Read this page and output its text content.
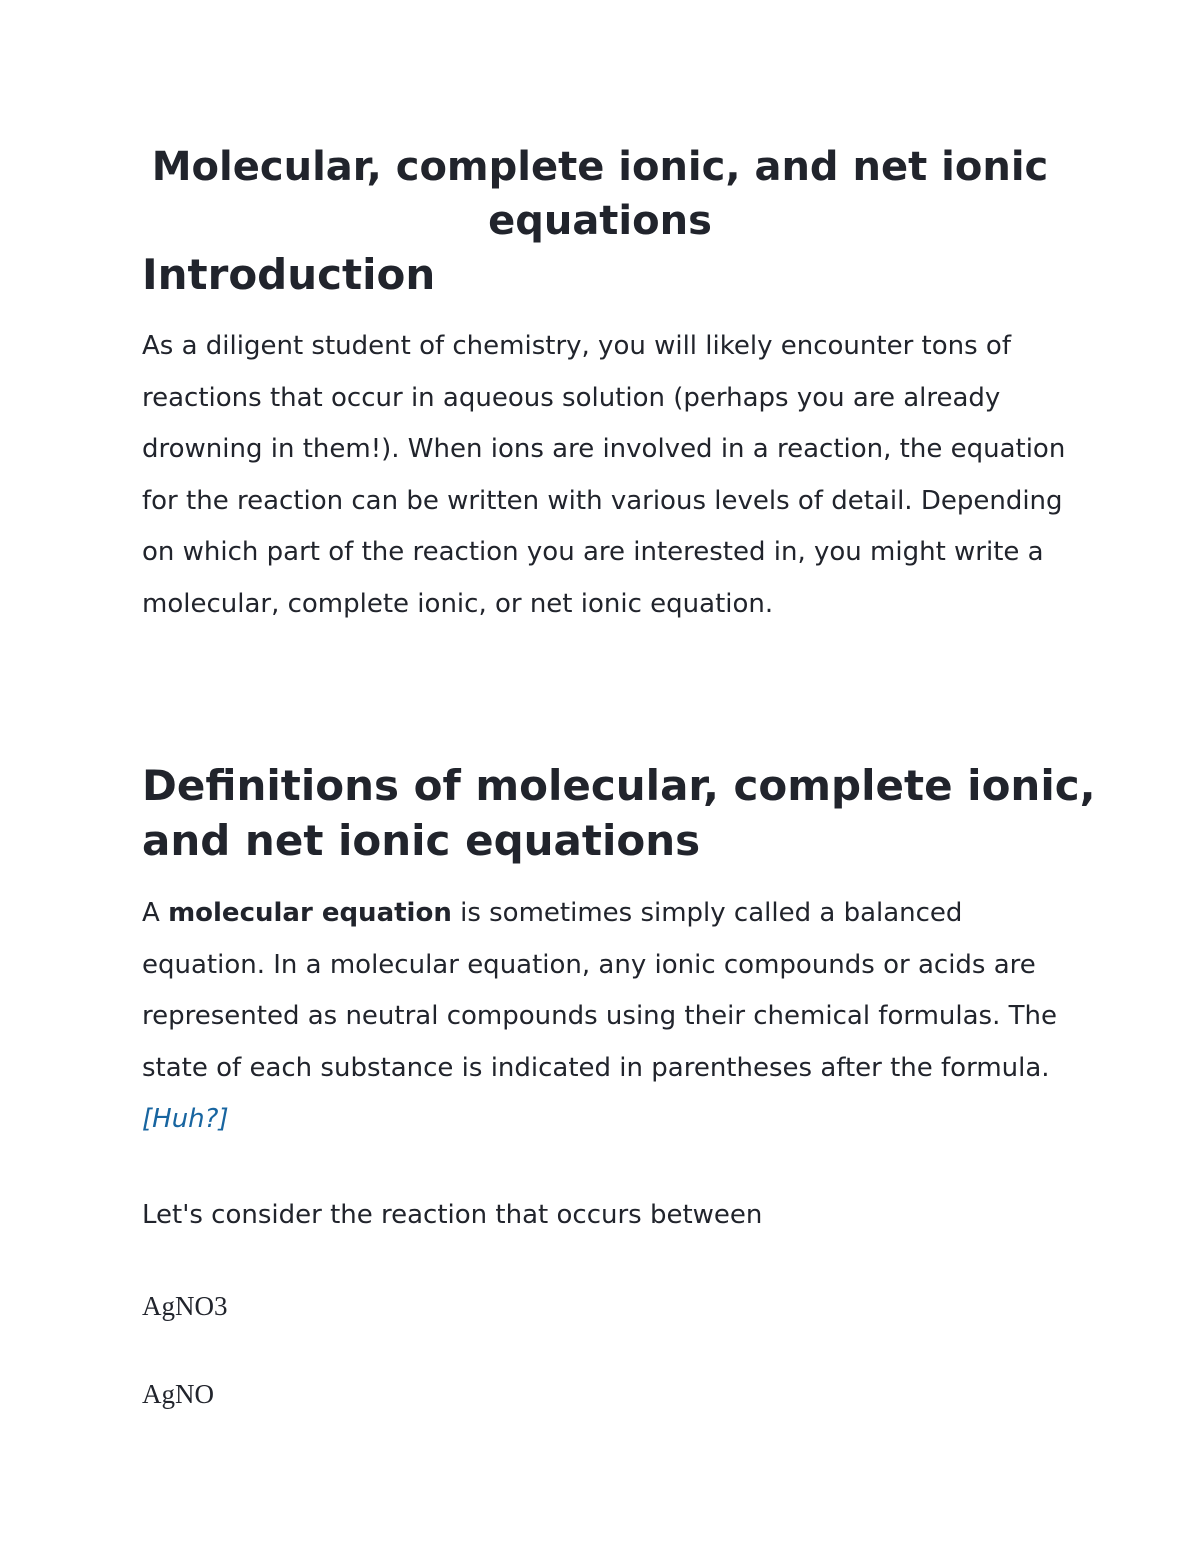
Molecular, complete ionic, and net ionic equations
Introduction

As a diligent student of chemistry, you will likely encounter tons of reactions that occur in aqueous solution (perhaps you are already drowning in them!). When ions are involved in a reaction, the equation for the reaction can be written with various levels of detail. Depending on which part of the reaction you are interested in, you might write a molecular, complete ionic, or net ionic equation.

Definitions of molecular, complete ionic, and net ionic equations

A molecular equation is sometimes simply called a balanced equation. In a molecular equation, any ionic compounds or acids are represented as neutral compounds using their chemical formulas. The state of each substance is indicated in parentheses after the formula. [Huh?]

Let's consider the reaction that occurs between

AgNO3

AgNO
